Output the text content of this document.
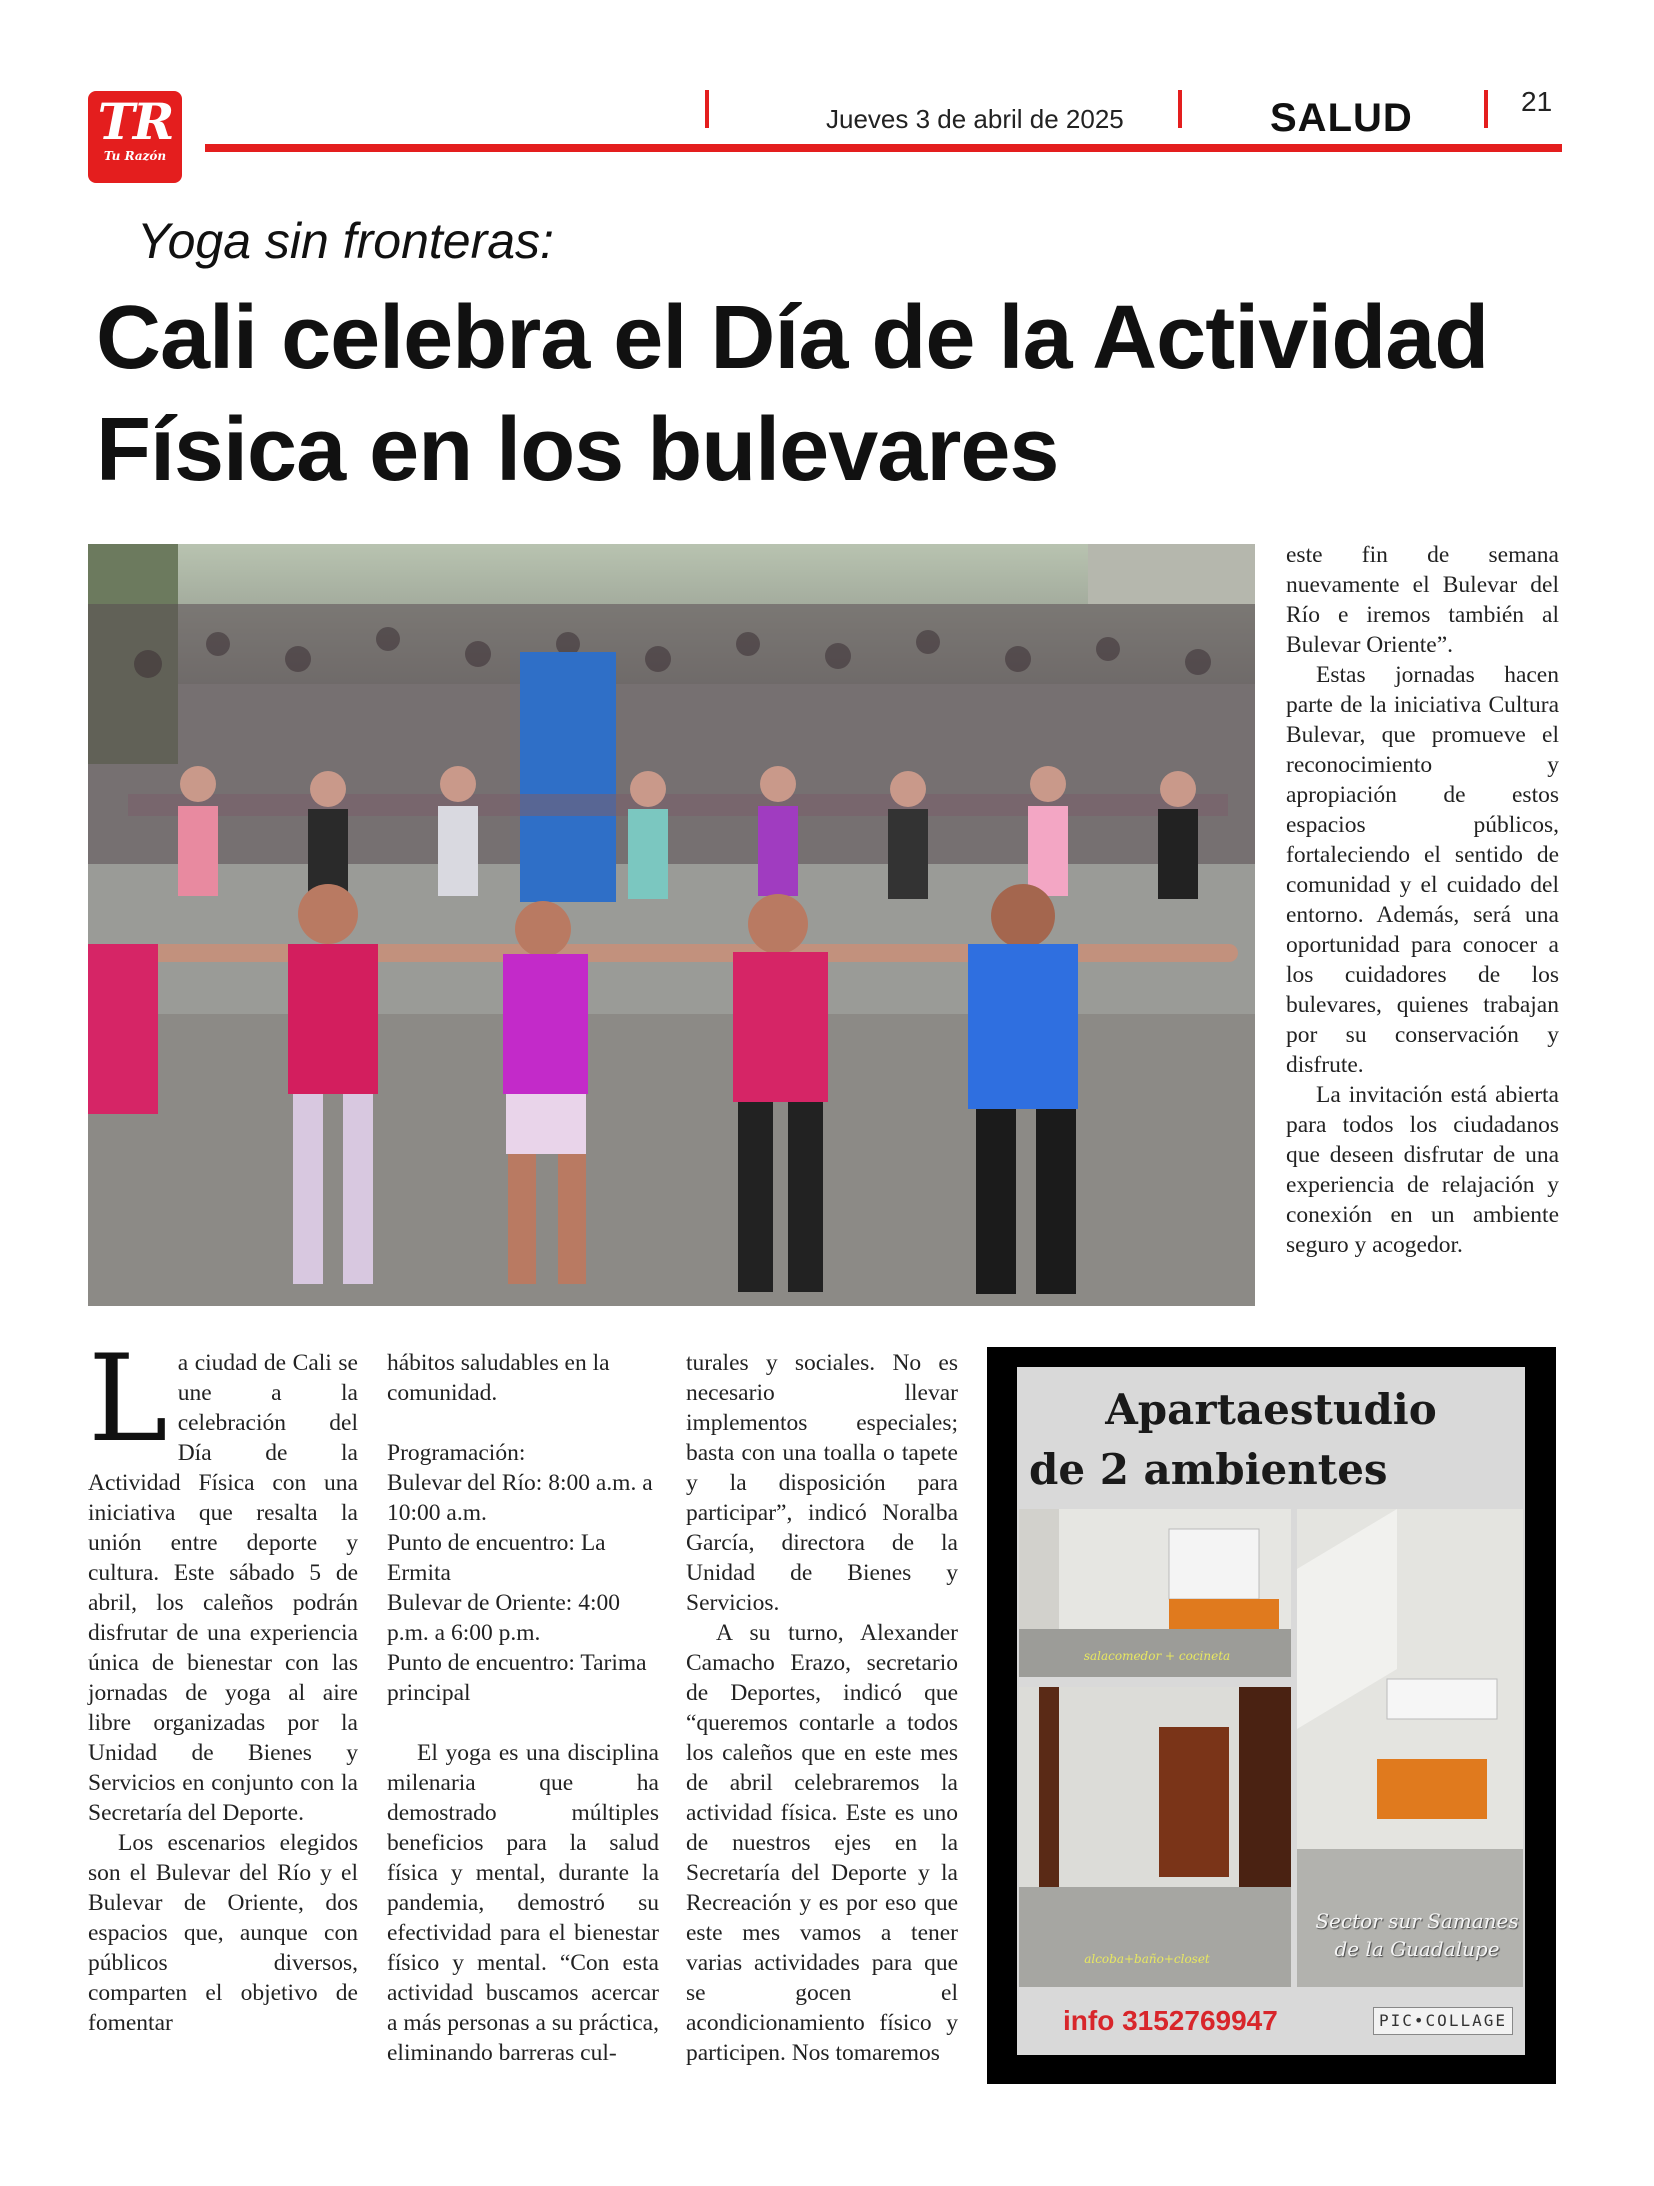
TR
Tu Razón
Jueves 3 de abril de 2025	SALUD	21
Yoga sin fronteras:
Cali celebra el Día de la Actividad Física en los bulevares

este fin de semana nuevamente el Bulevar del Río e iremos también al Bulevar Oriente”.

Estas jornadas hacen parte de la iniciativa Cultura Bulevar, que promueve el reconocimiento y apropiación de estos espacios públicos, fortaleciendo el sentido de comunidad y el cuidado del entorno. Además, será una oportunidad para conocer a los cuidadores de los bulevares, quienes trabajan por su conservación y disfrute.

La invitación está abierta para todos los ciudadanos que deseen disfrutar de una experiencia de relajación y conexión en un ambiente seguro y acogedor.

La ciudad de Cali se une a la celebración del Día de la Actividad Física con una iniciativa que resalta la unión entre deporte y cultura. Este sábado 5 de abril, los caleños podrán disfrutar de una experiencia única de bienestar con las jornadas de yoga al aire libre organizadas por la Unidad de Bienes y Servicios en conjunto con la Secretaría del Deporte.

Los escenarios elegidos son el Bulevar del Río y el Bulevar de Oriente, dos espacios que, aunque con públicos diversos, comparten el objetivo de fomentar

hábitos saludables en la comunidad.

Programación:

Bulevar del Río: 8:00 a.m. a 10:00 a.m.

Punto de encuentro: La Ermita

Bulevar de Oriente: 4:00 p.m. a 6:00 p.m.

Punto de encuentro: Tarima principal

El yoga es una disciplina milenaria que ha demostrado múltiples beneficios para la salud física y mental, durante la pandemia, demostró su efectividad para el bienestar físico y mental. “Con esta actividad buscamos acercar a más personas a su práctica, eliminando barreras cul-

turales y sociales. No es necesario llevar implementos especiales; basta con una toalla o tapete y la disposición para participar”, indicó Noralba García, directora de la Unidad de Bienes y Servicios.

A su turno, Alexander Camacho Erazo, secretario de Deportes, indicó que “queremos contarle a todos los caleños que en este mes de abril celebraremos la actividad física. Este es uno de nuestros ejes en la Secretaría del Deporte y la Recreación y es por eso que este mes vamos a tener varias actividades para que se gocen el acondicionamiento físico y participen. Nos tomaremos

Apartaestudio
de 2 ambientes
salacomedor + cocineta
alcoba+baño+closet
Sector sur Samanes de la Guadalupe
info 3152769947	PIC•COLLAGE
